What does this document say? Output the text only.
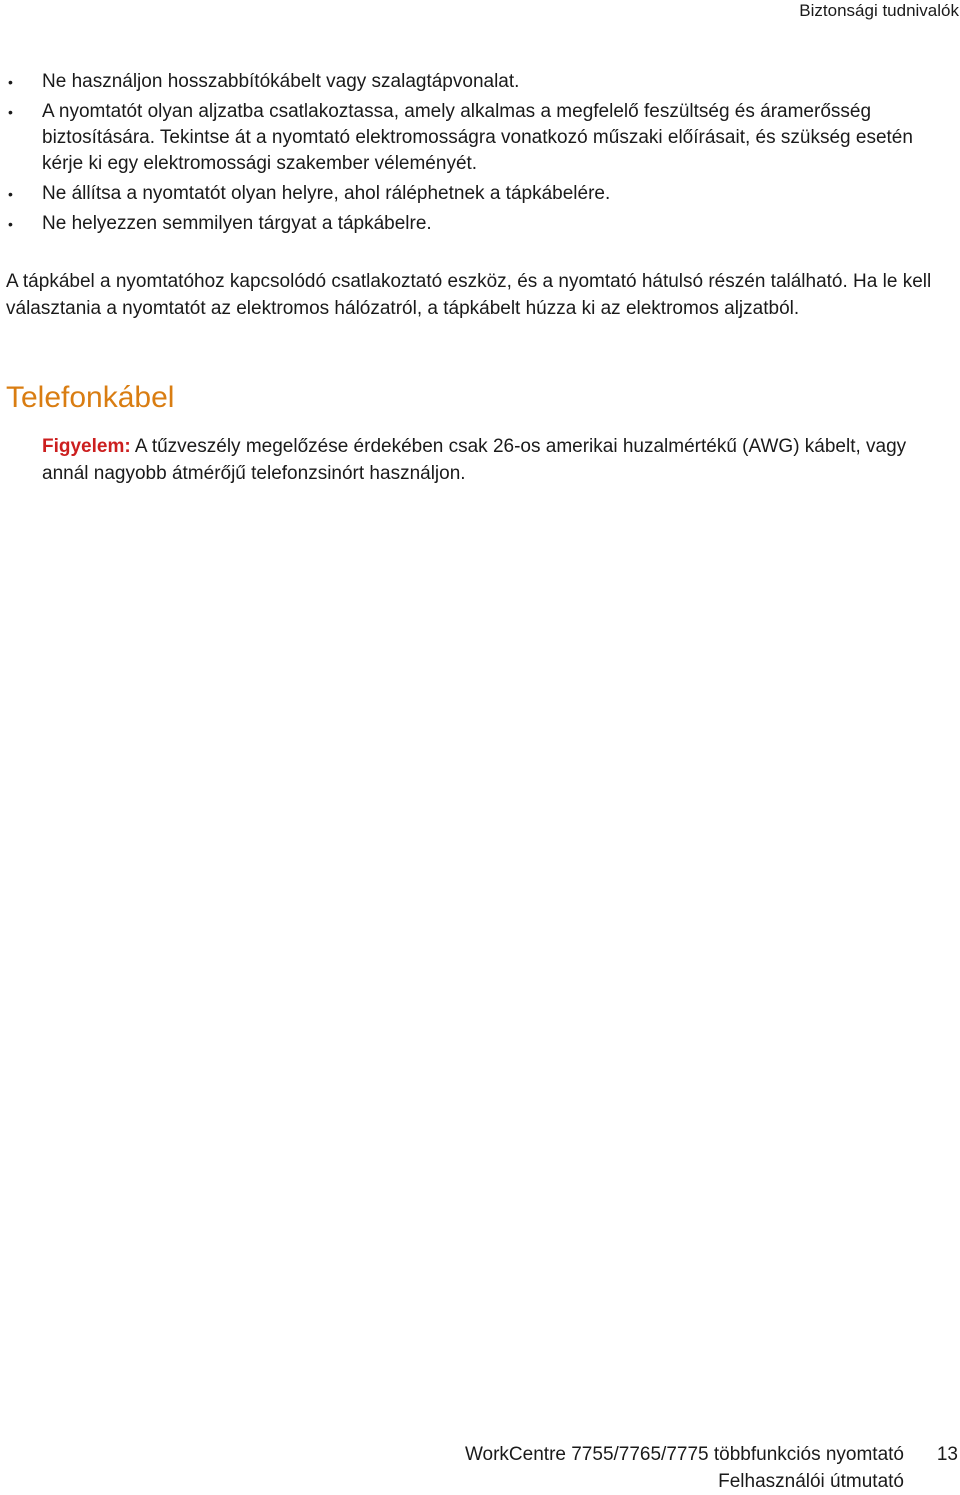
Biztonsági tudnivalók
• Ne használjon hosszabbítókábelt vagy szalagtápvonalat.
• A nyomtatót olyan aljzatba csatlakoztassa, amely alkalmas a megfelelő feszültség és áramerősség biztosítására. Tekintse át a nyomtató elektromosságra vonatkozó műszaki előírásait, és szükség esetén kérje ki egy elektromossági szakember véleményét.
• Ne állítsa a nyomtatót olyan helyre, ahol ráléphetnek a tápkábelére.
• Ne helyezzen semmilyen tárgyat a tápkábelre.

A tápkábel a nyomtatóhoz kapcsolódó csatlakoztató eszköz, és a nyomtató hátulsó részén található. Ha le kell választania a nyomtatót az elektromos hálózatról, a tápkábelt húzza ki az elektromos aljzatból.

Telefonkábel

Figyelem: A tűzveszély megelőzése érdekében csak 26-os amerikai huzalmértékű (AWG) kábelt, vagy annál nagyobb átmérőjű telefonzsinórt használjon.

WorkCentre 7755/7765/7775 többfunkciós nyomtató
Felhasználói útmutató
13
